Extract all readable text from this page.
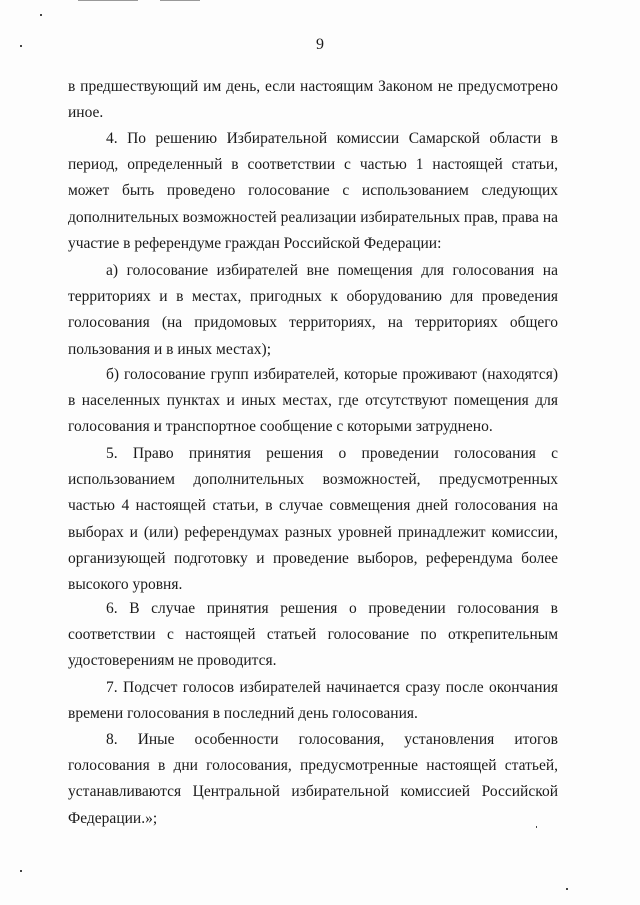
9

в предшествующий им день, если настоящим Законом не предусмотрено иное.

4. По решению Избирательной комиссии Самарской области в период, определенный в соответствии с частью 1 настоящей статьи, может быть проведено голосование с использованием следующих дополнительных возможностей реализации избирательных прав, права на участие в референдуме граждан Российской Федерации:

а) голосование избирателей вне помещения для голосования на территориях и в местах, пригодных к оборудованию для проведения голосования (на придомовых территориях, на территориях общего пользования и в иных местах);

б) голосование групп избирателей, которые проживают (находятся) в населенных пунктах и иных местах, где отсутствуют помещения для голосования и транспортное сообщение с которыми затруднено.

5. Право принятия решения о проведении голосования с использованием дополнительных возможностей, предусмотренных частью 4 настоящей статьи, в случае совмещения дней голосования на выборах и (или) референдумах разных уровней принадлежит комиссии, организующей подготовку и проведение выборов, референдума более высокого уровня.

6. В случае принятия решения о проведении голосования в соответствии с настоящей статьей голосование по открепительным удостоверениям не проводится.

7. Подсчет голосов избирателей начинается сразу после окончания времени голосования в последний день голосования.

8. Иные особенности голосования, установления итогов голосования в дни голосования, предусмотренные настоящей статьей, устанавливаются Центральной избирательной комиссией Российской Федерации.»;
